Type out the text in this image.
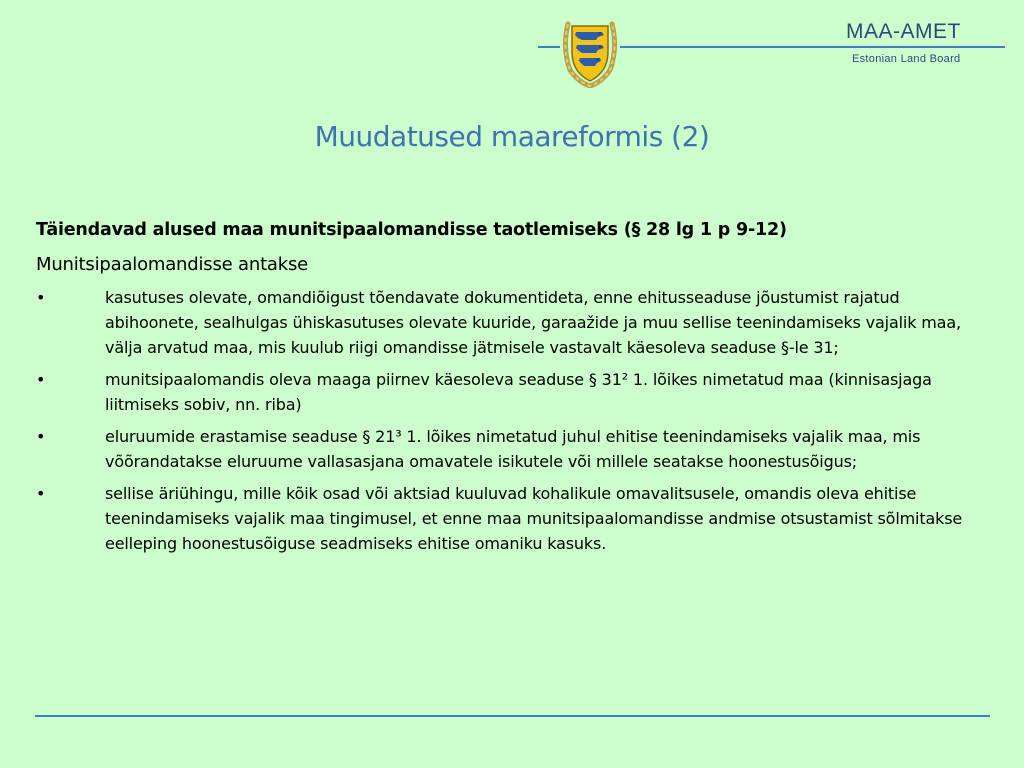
MAA-AMET
Estonian Land Board
Muudatused maareformis (2)
Täiendavad alused maa munitsipaalomandisse taotlemiseks (§ 28 lg 1 p 9-12)
Munitsipaalomandisse antakse
•	kasutuses olevate, omandiõigust tõendavate dokumentideta, enne ehitusseaduse jõustumist rajatud abihoonete, sealhulgas ühiskasutuses olevate kuuride, garaažide ja muu sellise teenindamiseks vajalik maa, välja arvatud maa, mis kuulub riigi omandisse jätmisele vastavalt käesoleva seaduse §-le 31;
•	munitsipaalomandis oleva maaga piirnev käesoleva seaduse § 31² 1. lõikes nimetatud maa (kinnisasjaga liitmiseks sobiv, nn. riba)
•	eluruumide erastamise seaduse § 21³ 1. lõikes nimetatud juhul ehitise teenindamiseks vajalik maa, mis võõrandatakse eluruume vallasasjana omavatele isikutele või millele seatakse hoonestusõigus;
•	sellise äriühingu, mille kõik osad või aktsiad kuuluvad kohalikule omavalitsusele, omandis oleva ehitise teenindamiseks vajalik maa tingimusel, et enne maa munitsipaalomandisse andmise otsustamist sõlmitakse eelleping hoonestusõiguse seadmiseks ehitise omaniku kasuks.
